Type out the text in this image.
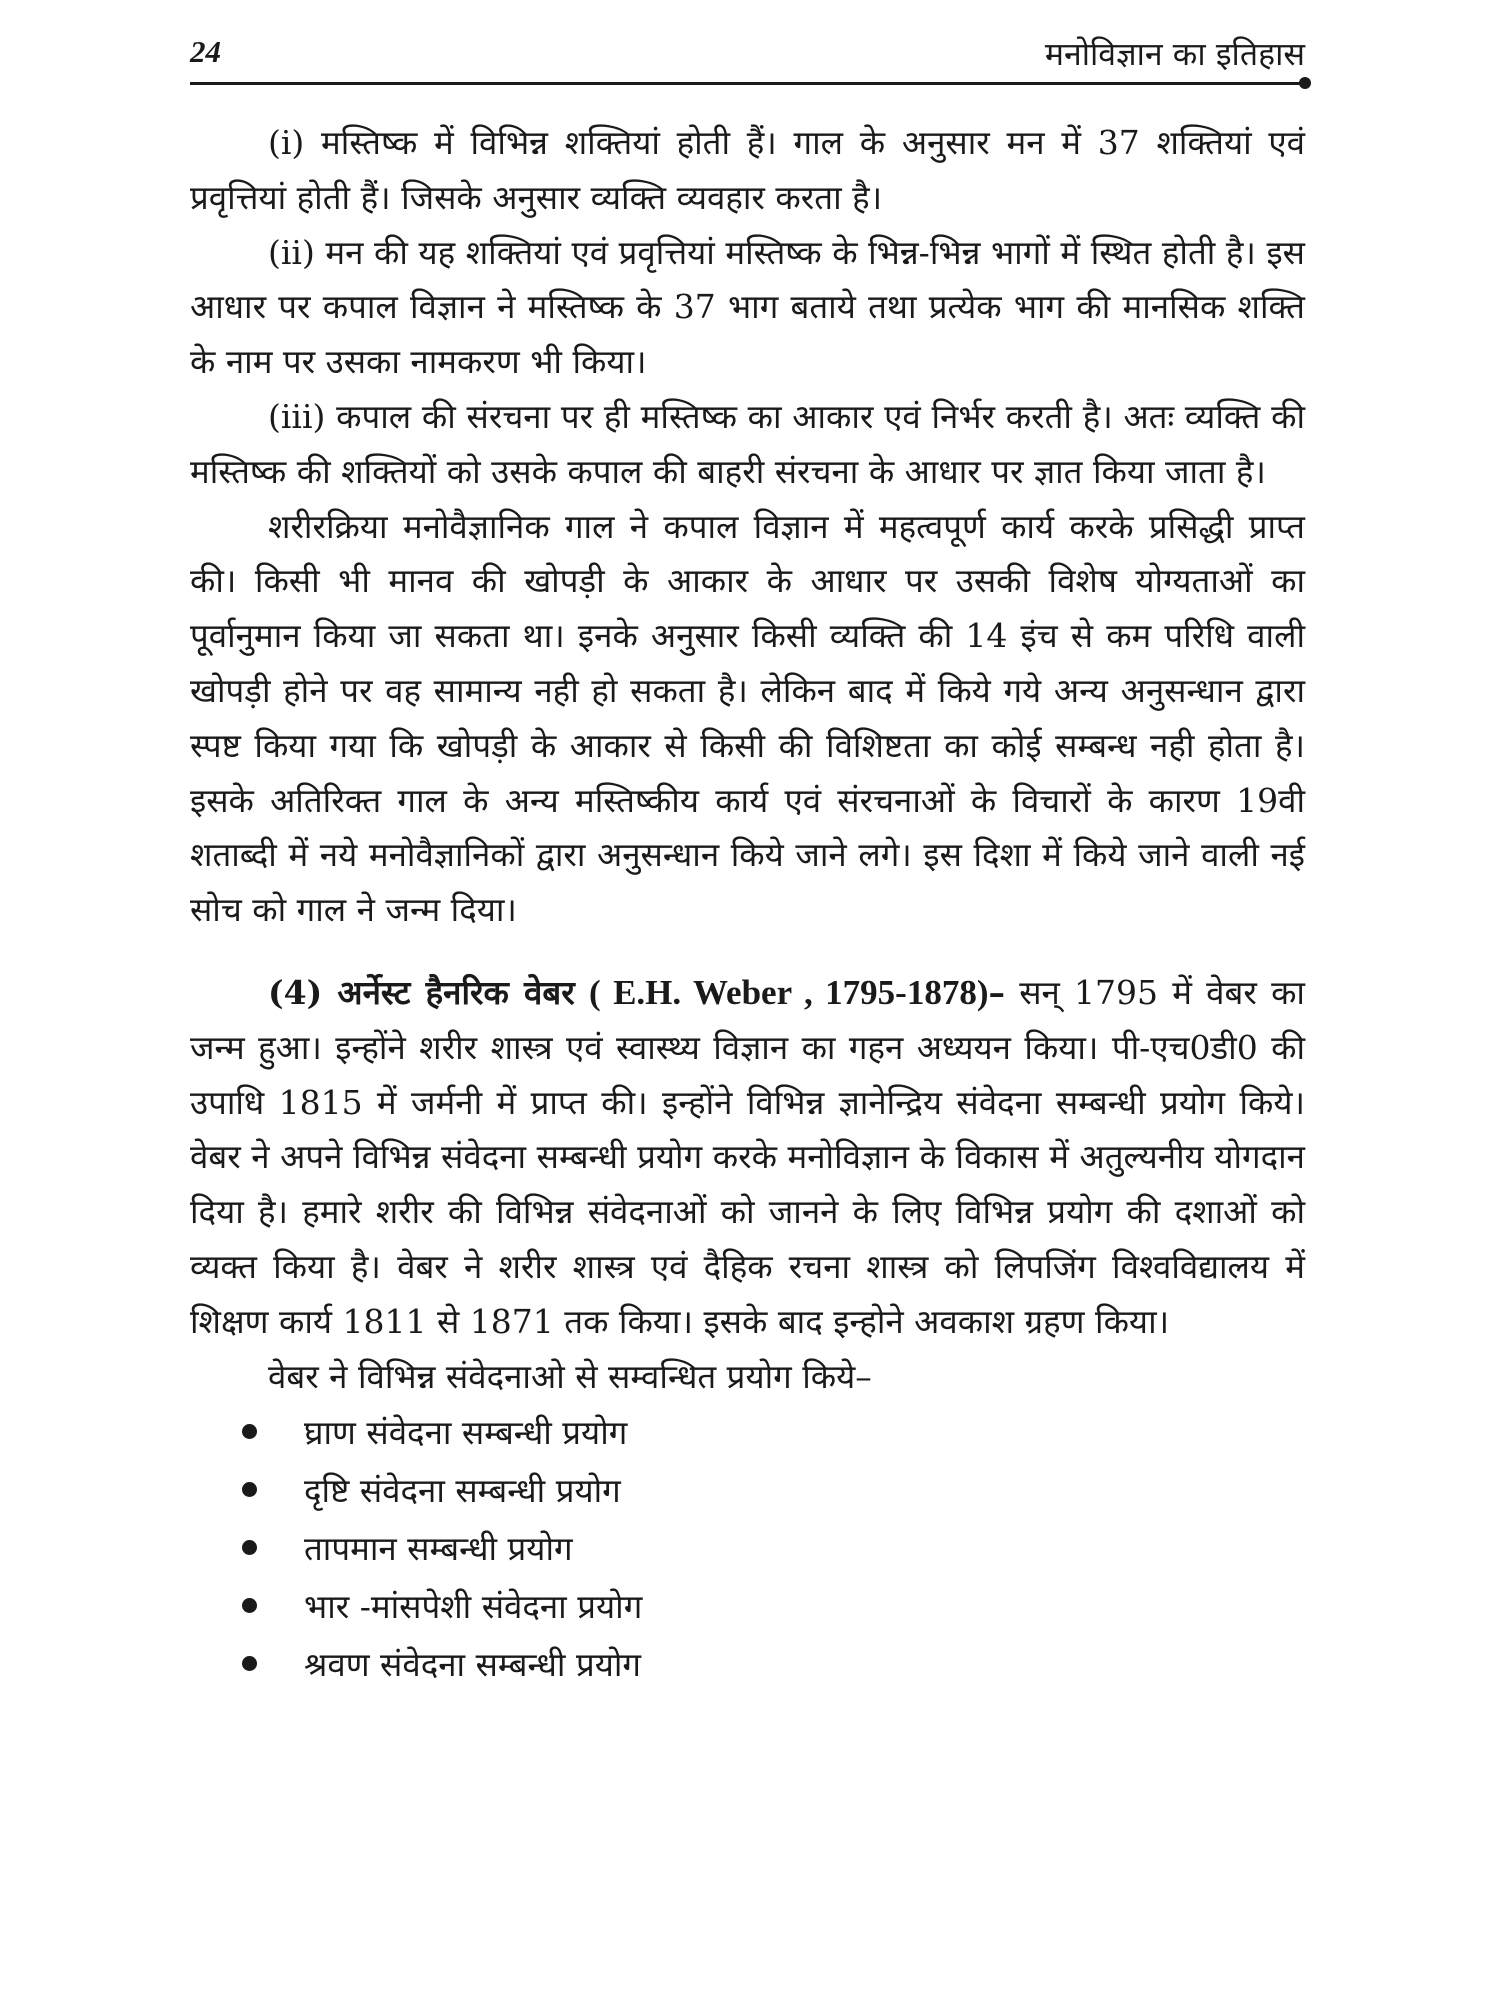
24	मनोविज्ञान का इतिहास

(i) मस्तिष्क में विभिन्न शक्तियां होती हैं। गाल के अनुसार मन में 37 शक्तियां एवं प्रवृत्तियां होती हैं। जिसके अनुसार व्यक्ति व्यवहार करता है।

(ii) मन की यह शक्तियां एवं प्रवृत्तियां मस्तिष्क के भिन्न-भिन्न भागों में स्थित होती है। इस आधार पर कपाल विज्ञान ने मस्तिष्क के 37 भाग बताये तथा प्रत्येक भाग की मानसिक शक्ति के नाम पर उसका नामकरण भी किया।

(iii) कपाल की संरचना पर ही मस्तिष्क का आकार एवं निर्भर करती है। अतः व्यक्ति की मस्तिष्क की शक्तियों को उसके कपाल की बाहरी संरचना के आधार पर ज्ञात किया जाता है।

शरीरक्रिया मनोवैज्ञानिक गाल ने कपाल विज्ञान में महत्वपूर्ण कार्य करके प्रसिद्धी प्राप्त की। किसी भी मानव की खोपड़ी के आकार के आधार पर उसकी विशेष योग्यताओं का पूर्वानुमान किया जा सकता था। इनके अनुसार किसी व्यक्ति की 14 इंच से कम परिधि वाली खोपड़ी होने पर वह सामान्य नही हो सकता है। लेकिन बाद में किये गये अन्य अनुसन्धान द्वारा स्पष्ट किया गया कि खोपड़ी के आकार से किसी की विशिष्टता का कोई सम्बन्ध नही होता है। इसके अतिरिक्त गाल के अन्य मस्तिष्कीय कार्य एवं संरचनाओं के विचारों के कारण 19वी शताब्दी में नये मनोवैज्ञानिकों द्वारा अनुसन्धान किये जाने लगे। इस दिशा में किये जाने वाली नई सोच को गाल ने जन्म दिया।

(4) अर्नेस्ट हैनरिक वेबर ( E.H. Weber , 1795-1878)– सन् 1795 में वेबर का जन्म हुआ। इन्होंने शरीर शास्त्र एवं स्वास्थ्य विज्ञान का गहन अध्ययन किया। पी-एच0डी0 की उपाधि 1815 में जर्मनी में प्राप्त की। इन्होंने विभिन्न ज्ञानेन्द्रिय संवेदना सम्बन्धी प्रयोग किये। वेबर ने अपने विभिन्न संवेदना सम्बन्धी प्रयोग करके मनोविज्ञान के विकास में अतुल्यनीय योगदान दिया है। हमारे शरीर की विभिन्न संवेदनाओं को जानने के लिए विभिन्न प्रयोग की दशाओं को व्यक्त किया है। वेबर ने शरीर शास्त्र एवं दैहिक रचना शास्त्र को लिपजिंग विश्वविद्यालय में शिक्षण कार्य 1811 से 1871 तक किया। इसके बाद इन्होने अवकाश ग्रहण किया।

वेबर ने विभिन्न संवेदनाओ से सम्वन्धित प्रयोग किये–

घ्राण संवेदना सम्बन्धी प्रयोग
दृष्टि संवेदना सम्बन्धी प्रयोग
तापमान सम्बन्धी प्रयोग
भार -मांसपेशी संवेदना प्रयोग
श्रवण संवेदना सम्बन्धी प्रयोग
